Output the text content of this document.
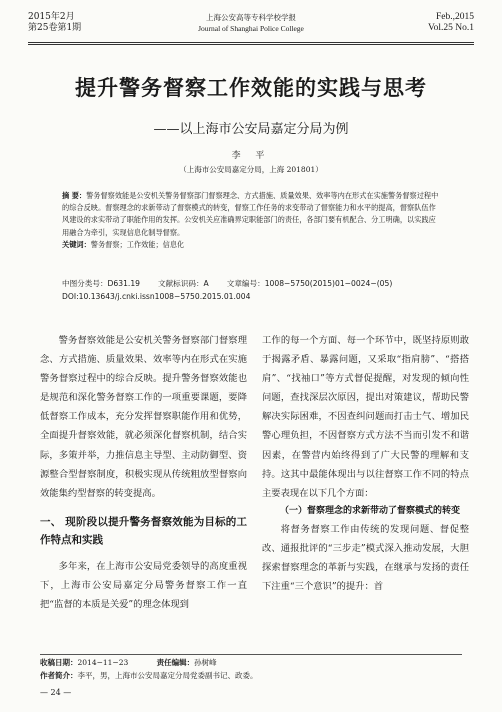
2015年2月
第25卷第1期
上海公安高等专科学校学报
Journal of Shanghai Police College
Feb.,2015
Vol.25 No.1
提升警务督察工作效能的实践与思考
——以上海市公安局嘉定分局为例
李 平
（上海市公安局嘉定分局，上海 201801）
摘 要：警务督察效能是公安机关警务督察部门督察理念、方式措施、质量效果、效率等内在形式在实施警务督察过程中的综合反映。督察理念的求新带动了督察模式的转变，督察工作任务的求变带动了督察能力和水平的提高，督察队伍作风建设的求实带动了职能作用的发挥。公安机关应准确界定职能部门的责任，各部门要有机配合、分工明确，以实践应用融合为牵引，实现信息化制导督察。
关键词：警务督察；工作效能；信息化
中图分类号：D631.19 文献标识码：A 文章编号：1008−5750(2015)01−0024−(05)
DOI:10.13643/j.cnki.issn1008−5750.2015.01.004

警务督察效能是公安机关警务督察部门督察理念、方式措施、质量效果、效率等内在形式在实施警务督察过程中的综合反映。提升警务督察效能也是规范和深化警务督察工作的一项重要课题，要降低督察工作成本，充分发挥督察职能作用和优势，全面提升督察效能，就必须深化督察机制，结合实际，多策并举，力推信息主导型、主动防御型、资源整合型督察制度，积极实现从传统粗放型督察向效能集约型督察的转变提高。

一、 现阶段以提升警务督察效能为目标的工作特点和实践

多年来，在上海市公安局党委领导的高度重视下，上海市公安局嘉定分局警务督察工作一直把“监督的本质是关爱”的理念体现到

工作的每一个方面、每一个环节中，既坚持原则敢于揭露矛盾、暴露问题，又采取“指肩膀”、“搭搭肩”、“找袖口”等方式督促提醒，对发现的倾向性问题，查找深层次原因，提出对策建议，帮助民警解决实际困难，不因查纠问题而打击士气、增加民警心理负担，不因督察方式方法不当而引发不和谐因素，在警营内始终得到了广大民警的理解和支持。这其中最能体现出与以往督察工作不同的特点主要表现在以下几个方面：

（一）督察理念的求新带动了督察模式的转变

将督务督察工作由传统的发现问题、督促整改、通报批评的“三步走”模式深入推动发展，大胆探索督察理念的革新与实践，在继承与发扬的责任下注重“三个意识”的提升：首

收稿日期：2014−11−23	责任编辑：孙树峰
作者简介：李平，男，上海市公安局嘉定分局党委副书记、政委。
— 24 —
